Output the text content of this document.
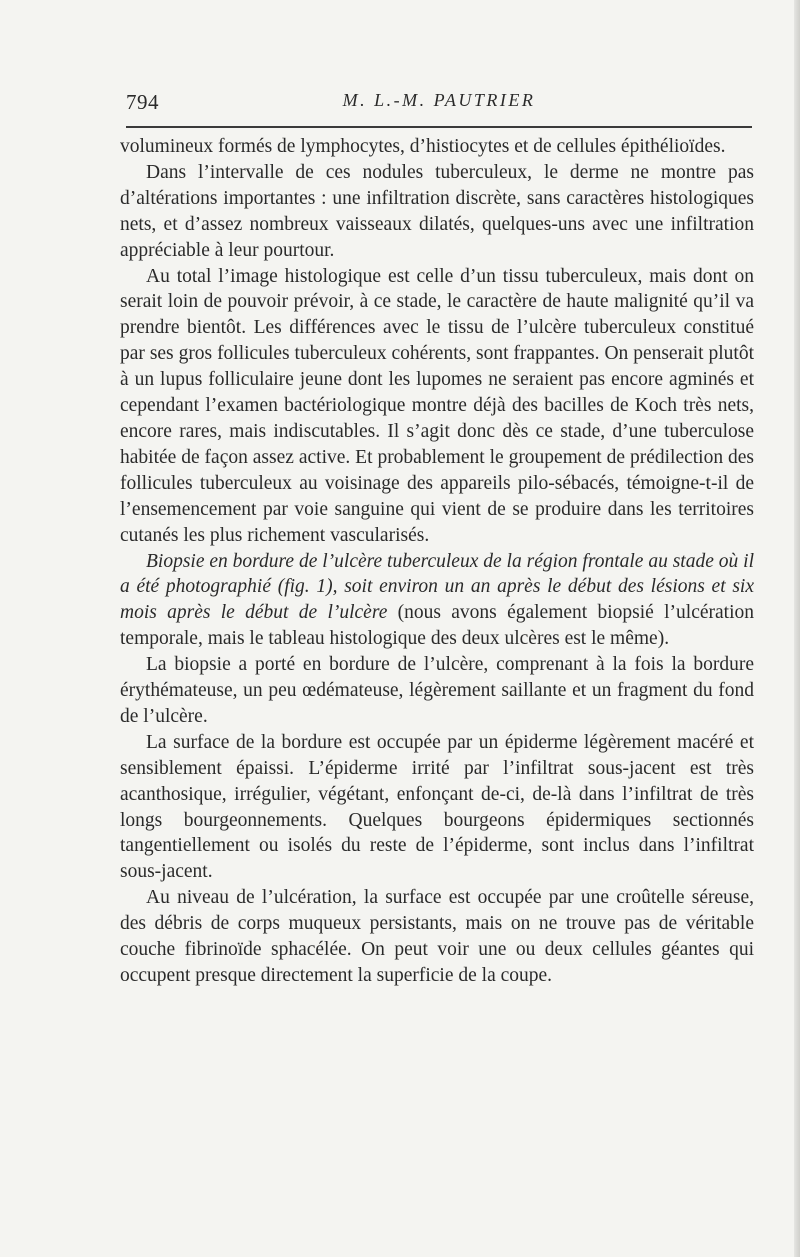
794	M. L.-M. PAUTRIER

volumineux formés de lymphocytes, d’histiocytes et de cellules épithélioïdes.

Dans l’intervalle de ces nodules tuberculeux, le derme ne montre pas d’altérations importantes : une infiltration discrète, sans caractères histologiques nets, et d’assez nombreux vaisseaux dilatés, quelques-uns avec une infiltration appréciable à leur pourtour.

Au total l’image histologique est celle d’un tissu tuberculeux, mais dont on serait loin de pouvoir prévoir, à ce stade, le caractère de haute malignité qu’il va prendre bientôt. Les différences avec le tissu de l’ulcère tuberculeux constitué par ses gros follicules tuberculeux cohérents, sont frappantes. On penserait plutôt à un lupus folliculaire jeune dont les lupomes ne seraient pas encore agminés et cependant l’examen bactériologique montre déjà des bacilles de Koch très nets, encore rares, mais indiscutables. Il s’agit donc dès ce stade, d’une tuberculose habitée de façon assez active. Et probablement le groupement de prédilection des follicules tuberculeux au voisinage des appareils pilo-sébacés, témoigne-t-il de l’ensemencement par voie sanguine qui vient de se produire dans les territoires cutanés les plus richement vascularisés.

Biopsie en bordure de l’ulcère tuberculeux de la région frontale au stade où il a été photographié (fig. 1), soit environ un an après le début des lésions et six mois après le début de l’ulcère (nous avons également biopsié l’ulcération temporale, mais le tableau histologique des deux ulcères est le même).

La biopsie a porté en bordure de l’ulcère, comprenant à la fois la bordure érythémateuse, un peu œdémateuse, légèrement saillante et un fragment du fond de l’ulcère.

La surface de la bordure est occupée par un épiderme légèrement macéré et sensiblement épaissi. L’épiderme irrité par l’infiltrat sous-jacent est très acanthosique, irrégulier, végétant, enfonçant de-ci, de-là dans l’infiltrat de très longs bourgeonnements. Quelques bourgeons épidermiques sectionnés tangentiellement ou isolés du reste de l’épiderme, sont inclus dans l’infiltrat sous-jacent.

Au niveau de l’ulcération, la surface est occupée par une croûtelle séreuse, des débris de corps muqueux persistants, mais on ne trouve pas de véritable couche fibrinoïde sphacélée. On peut voir une ou deux cellules géantes qui occupent presque directement la superficie de la coupe.
